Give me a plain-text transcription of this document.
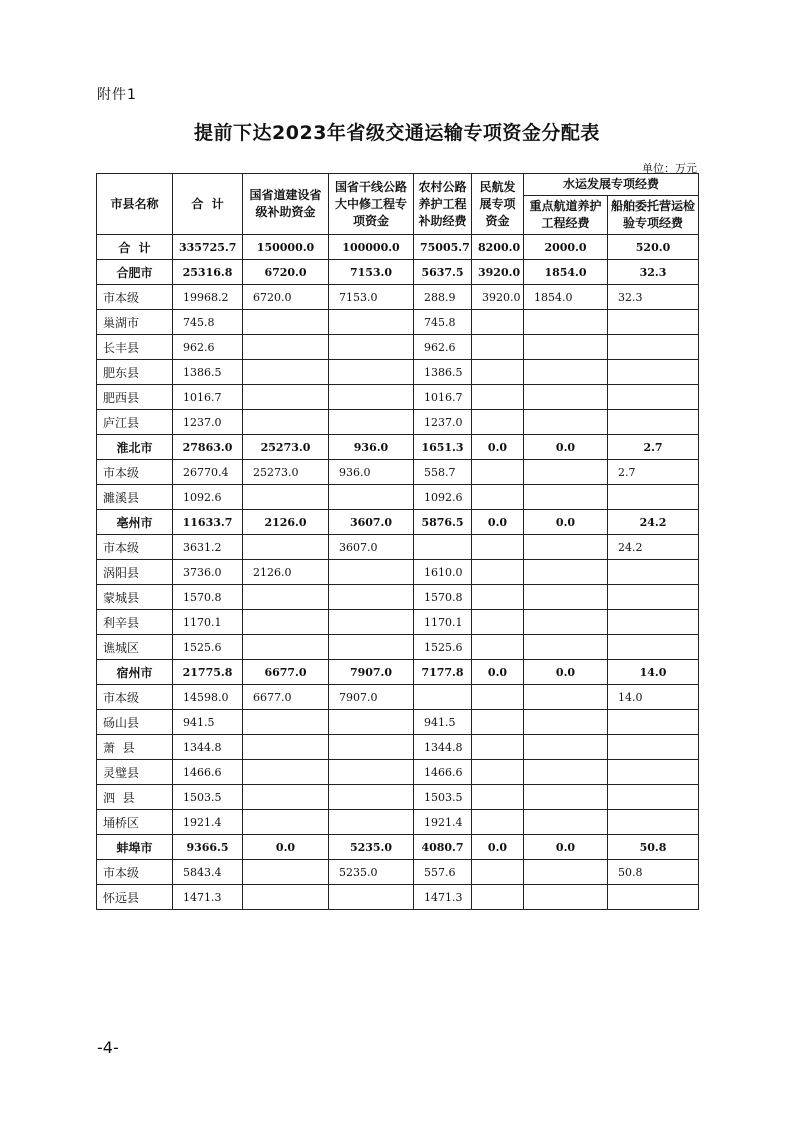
附件1
提前下达2023年省级交通运输专项资金分配表
单位：万元
市县名称	合  计	国省道建设省级补助资金	国省干线公路大中修工程专项资金	农村公路养护工程补助经费	民航发展专项资金	水运发展专项经费	
						重点航道养护工程经费	船舶委托营运检验专项经费
合  计	335725.7	150000.0	100000.0	75005.7	8200.0	2000.0	520.0
合肥市	25316.8	6720.0	7153.0	5637.5	3920.0	1854.0	32.3
市本级	19968.2	6720.0	7153.0	288.9	3920.0	1854.0	32.3
巢湖市	745.8			745.8			
长丰县	962.6			962.6			
肥东县	1386.5			1386.5			
肥西县	1016.7			1016.7			
庐江县	1237.0			1237.0			
淮北市	27863.0	25273.0	936.0	1651.3	0.0	0.0	2.7
市本级	26770.4	25273.0	936.0	558.7			2.7
濉溪县	1092.6			1092.6			
亳州市	11633.7	2126.0	3607.0	5876.5	0.0	0.0	24.2
市本级	3631.2		3607.0				24.2
涡阳县	3736.0	2126.0		1610.0			
蒙城县	1570.8			1570.8			
利辛县	1170.1			1170.1			
谯城区	1525.6			1525.6			
宿州市	21775.8	6677.0	7907.0	7177.8	0.0	0.0	14.0
市本级	14598.0	6677.0	7907.0				14.0
砀山县	941.5			941.5			
萧  县	1344.8			1344.8			
灵璧县	1466.6			1466.6			
泗  县	1503.5			1503.5			
埇桥区	1921.4			1921.4			
蚌埠市	9366.5	0.0	5235.0	4080.7	0.0	0.0	50.8
市本级	5843.4		5235.0	557.6			50.8
怀远县	1471.3			1471.3			
-4-
